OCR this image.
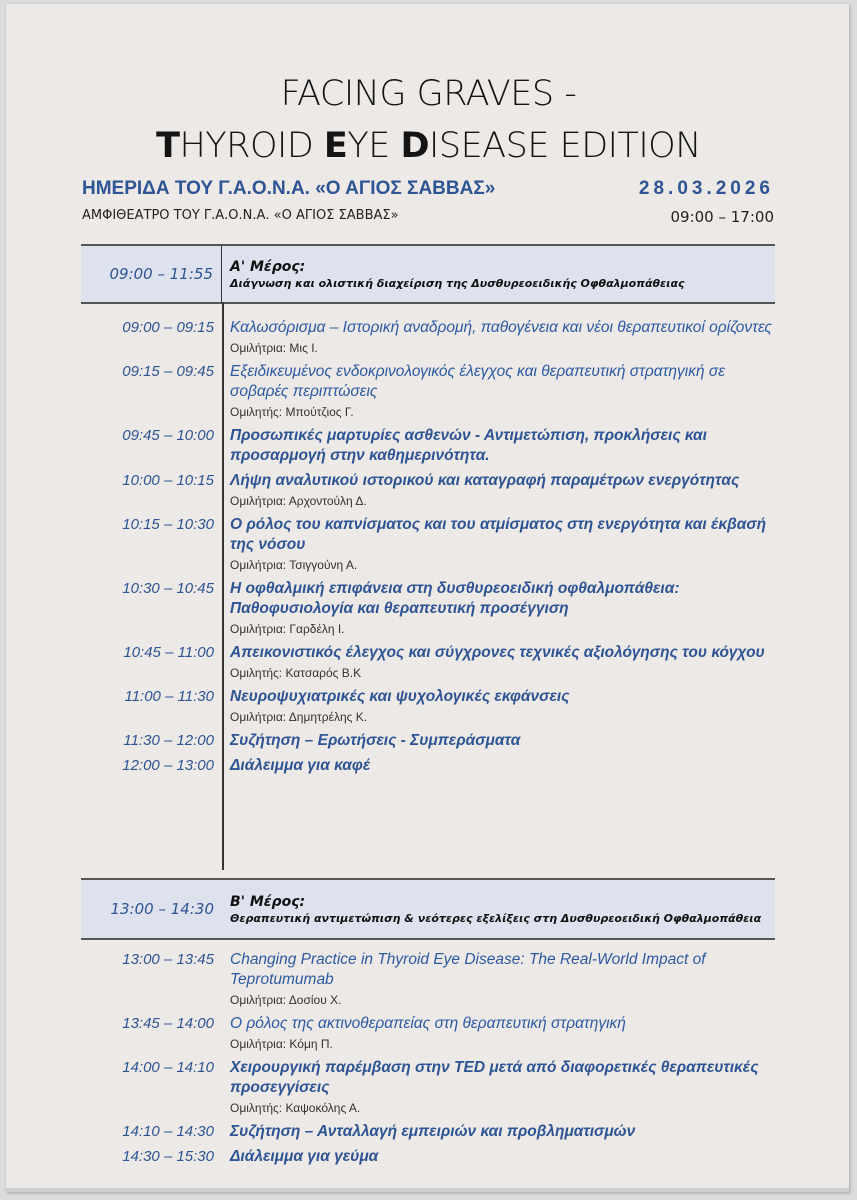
FACING GRAVES -
THYROID EYE DISEASE EDITION
ΗΜΕΡΙΔΑ ΤΟΥ Γ.Α.Ο.Ν.Α. «Ο ΑΓΙΟΣ ΣΑΒΒΑΣ»	28.03.2026
ΑΜΦΙΘΕΑΤΡΟ ΤΟΥ Γ.Α.Ο.Ν.Α. «Ο ΑΓΙΟΣ ΣΑΒΒΑΣ»	09:00 – 17:00
09:00 – 11:55	Α' Μέρος:
Διάγνωση και ολιστική διαχείριση της Δυσθυρεοειδικής Οφθαλμοπάθειας
09:00 – 09:15	Καλωσόρισμα – Ιστορική αναδρομή, παθογένεια και νέοι θεραπευτικοί ορίζοντες
Ομιλήτρια: Μις Ι.
09:15 – 09:45	Εξειδικευμένος ενδοκρινολογικός έλεγχος και θεραπευτική στρατηγική σε σοβαρές περιπτώσεις
Ομιλητής: Μπούτζιος Γ.
09:45 – 10:00	Προσωπικές μαρτυρίες ασθενών - Αντιμετώπιση, προκλήσεις και προσαρμογή στην καθημερινότητα.
10:00 – 10:15	Λήψη αναλυτικού ιστορικού και καταγραφή παραμέτρων ενεργότητας
Ομιλήτρια: Αρχοντούλη Δ.
10:15 – 10:30	Ο ρόλος του καπνίσματος και του ατμίσματος στη ενεργότητα και έκβασή της νόσου
Ομιλήτρια: Τσιγγούνη Α.
10:30 – 10:45	Η οφθαλμική επιφάνεια στη δυσθυρεοειδική οφθαλμοπάθεια: Παθοφυσιολογία και θεραπευτική προσέγγιση
Ομιλήτρια: Γαρδέλη Ι.
10:45 – 11:00	Απεικονιστικός έλεγχος και σύγχρονες τεχνικές αξιολόγησης του κόγχου
Ομιλητής: Κατσαρός Β.Κ
11:00 – 11:30	Νευροψυχιατρικές και ψυχολογικές εκφάνσεις
Ομιλήτρια: Δημητρέλης Κ.
11:30 – 12:00	Συζήτηση – Ερωτήσεις - Συμπεράσματα
12:00 – 13:00	Διάλειμμα για καφέ
13:00 – 14:30	Β' Μέρος:
Θεραπευτική αντιμετώπιση & νεότερες εξελίξεις στη Δυσθυρεοειδική Οφθαλμοπάθεια
13:00 – 13:45	Changing Practice in Thyroid Eye Disease: The Real-World Impact of Teprotumumab
Ομιλήτρια: Δοσίου Χ.
13:45 – 14:00	Ο ρόλος της ακτινοθεραπείας στη θεραπευτική στρατηγική
Ομιλήτρια: Κόμη Π.
14:00 – 14:10	Χειρουργική παρέμβαση στην TED μετά από διαφορετικές θεραπευτικές προσεγγίσεις
Ομιλητής: Καψοκόλης Α.
14:10 – 14:30	Συζήτηση – Ανταλλαγή εμπειριών και προβληματισμών
14:30 – 15:30	Διάλειμμα για γεύμα
